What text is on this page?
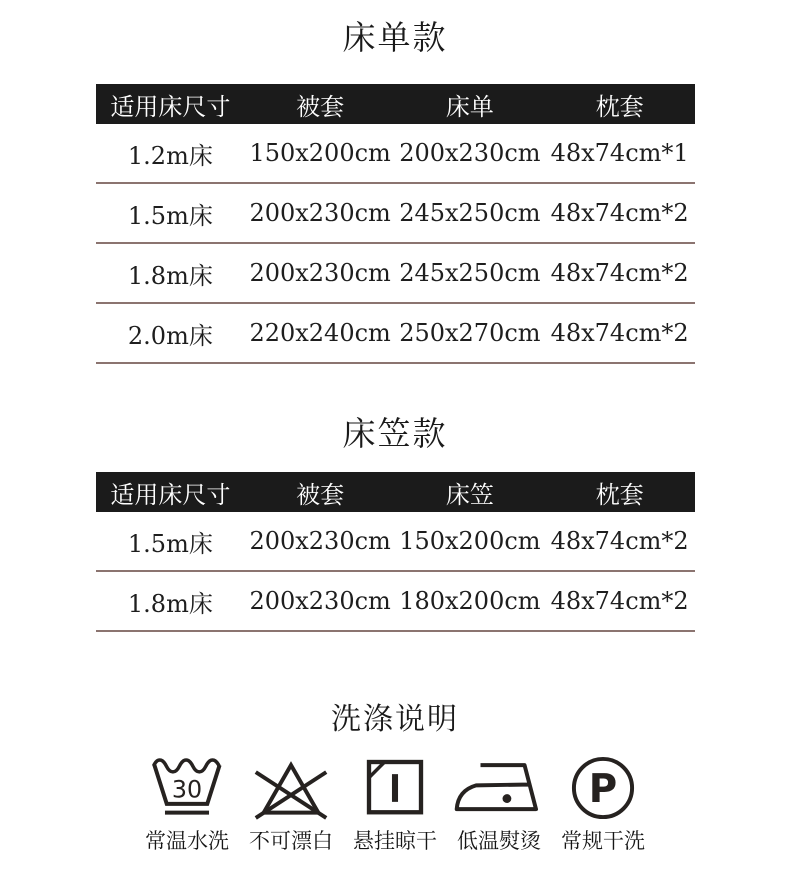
床单款
适用床尺寸	被套	床单	枕套
1.2m床	150x200cm 200x230cm 48x74cm*1
1.5m床	200x230cm 245x250cm 48x74cm*2
1.8m床	200x230cm 245x250cm 48x74cm*2
2.0m床	220x240cm 250x270cm 48x74cm*2
床笠款
适用床尺寸	被套	床笠	枕套
1.5m床	200x230cm 150x200cm 48x74cm*2
1.8m床	200x230cm 180x200cm 48x74cm*2
洗涤说明
30
常温水洗 不可漂白 悬挂晾干 低温熨烫
P
常规干洗
